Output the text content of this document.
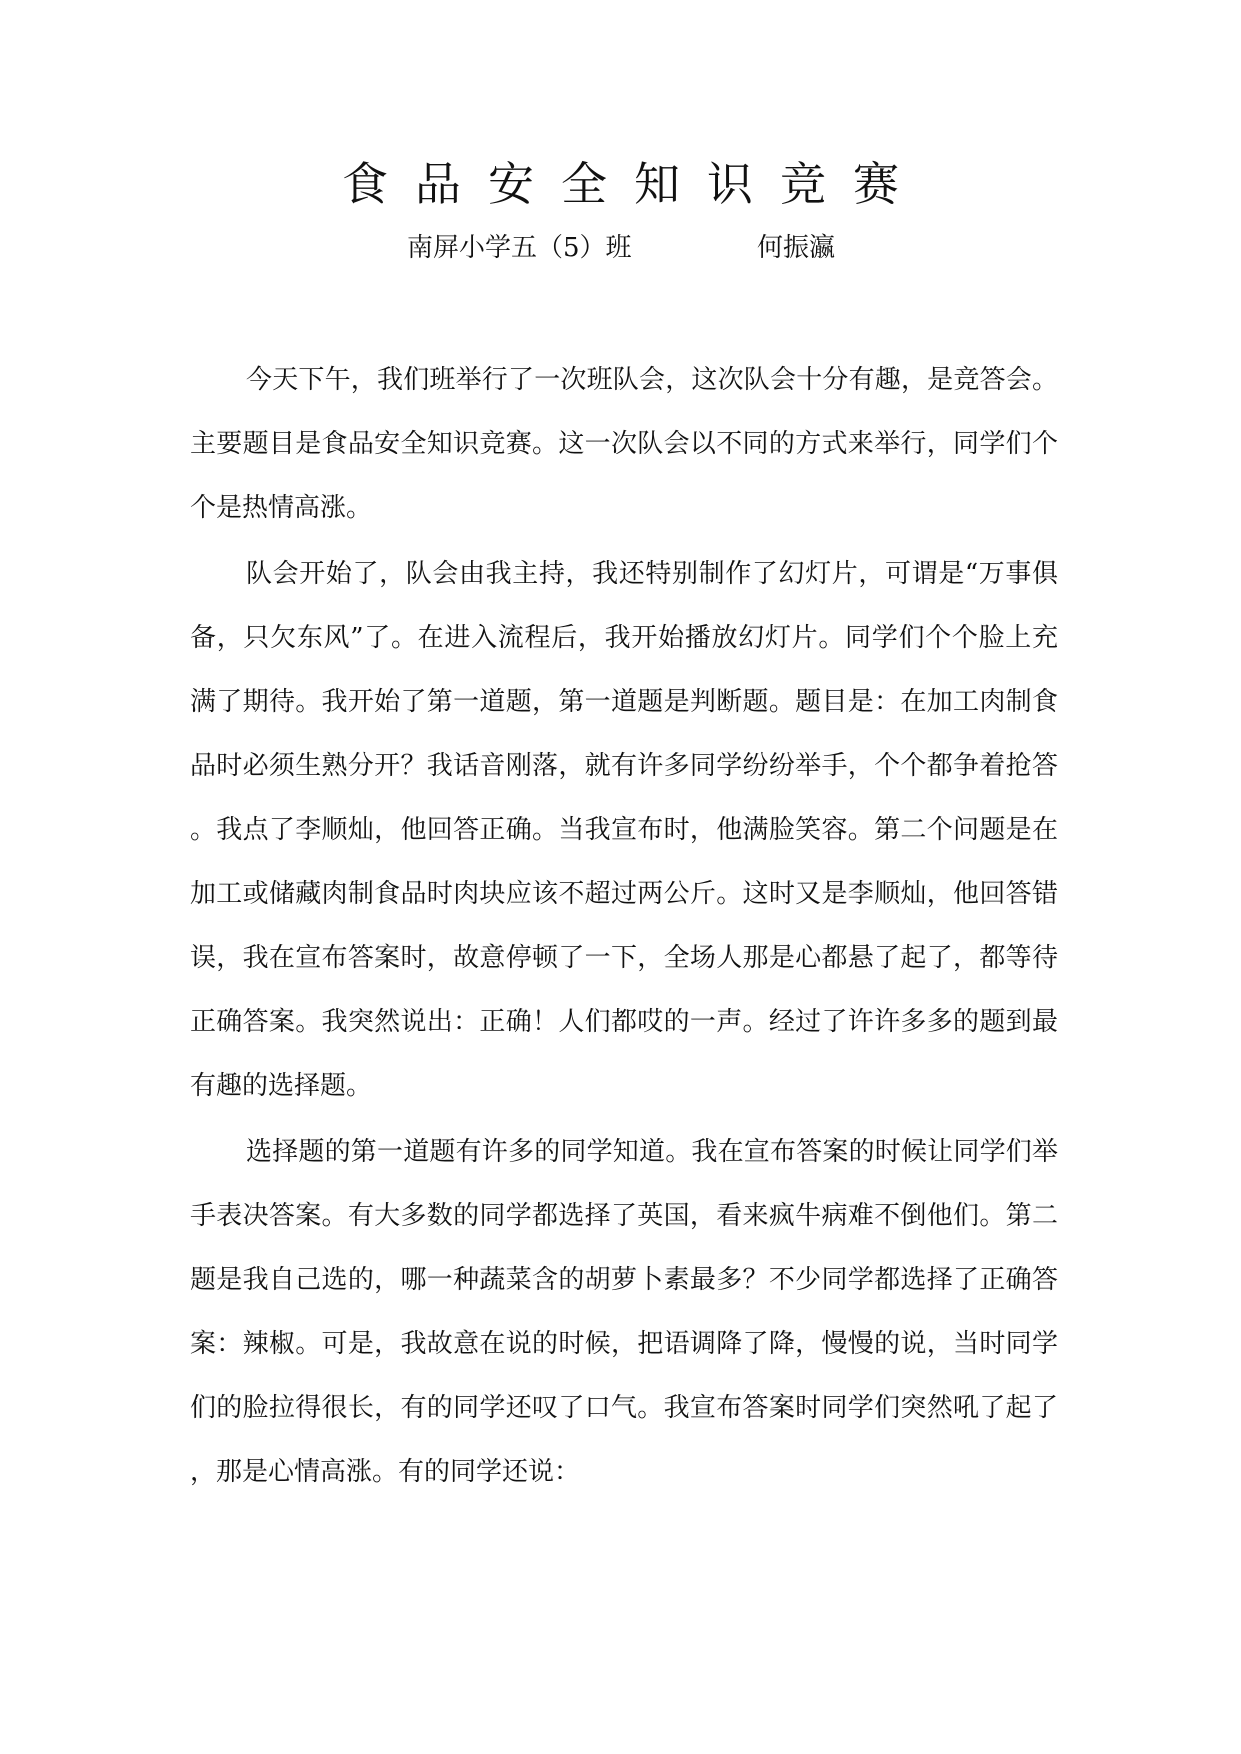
食品安全知识竞赛
南屏小学五（5）班	何振瀛

今天下午，我们班举行了一次班队会，这次队会十分有趣，是竞答会。主要题目是食品安全知识竞赛。这一次队会以不同的方式来举行，同学们个个是热情高涨。

队会开始了，队会由我主持，我还特别制作了幻灯片，可谓是“万事俱备，只欠东风”了。在进入流程后，我开始播放幻灯片。同学们个个脸上充满了期待。我开始了第一道题，第一道题是判断题。题目是：在加工肉制食品时必须生熟分开？我话音刚落，就有许多同学纷纷举手，个个都争着抢答。我点了李顺灿，他回答正确。当我宣布时，他满脸笑容。第二个问题是在加工或储藏肉制食品时肉块应该不超过两公斤。这时又是李顺灿，他回答错误，我在宣布答案时，故意停顿了一下，全场人那是心都悬了起了，都等待正确答案。我突然说出：正确！人们都哎的一声。经过了许许多多的题到最有趣的选择题。

选择题的第一道题有许多的同学知道。我在宣布答案的时候让同学们举手表决答案。有大多数的同学都选择了英国，看来疯牛病难不倒他们。第二题是我自己选的，哪一种蔬菜含的胡萝卜素最多？不少同学都选择了正确答案：辣椒。可是，我故意在说的时候，把语调降了降，慢慢的说，当时同学们的脸拉得很长，有的同学还叹了口气。我宣布答案时同学们突然吼了起了，那是心情高涨。有的同学还说：
